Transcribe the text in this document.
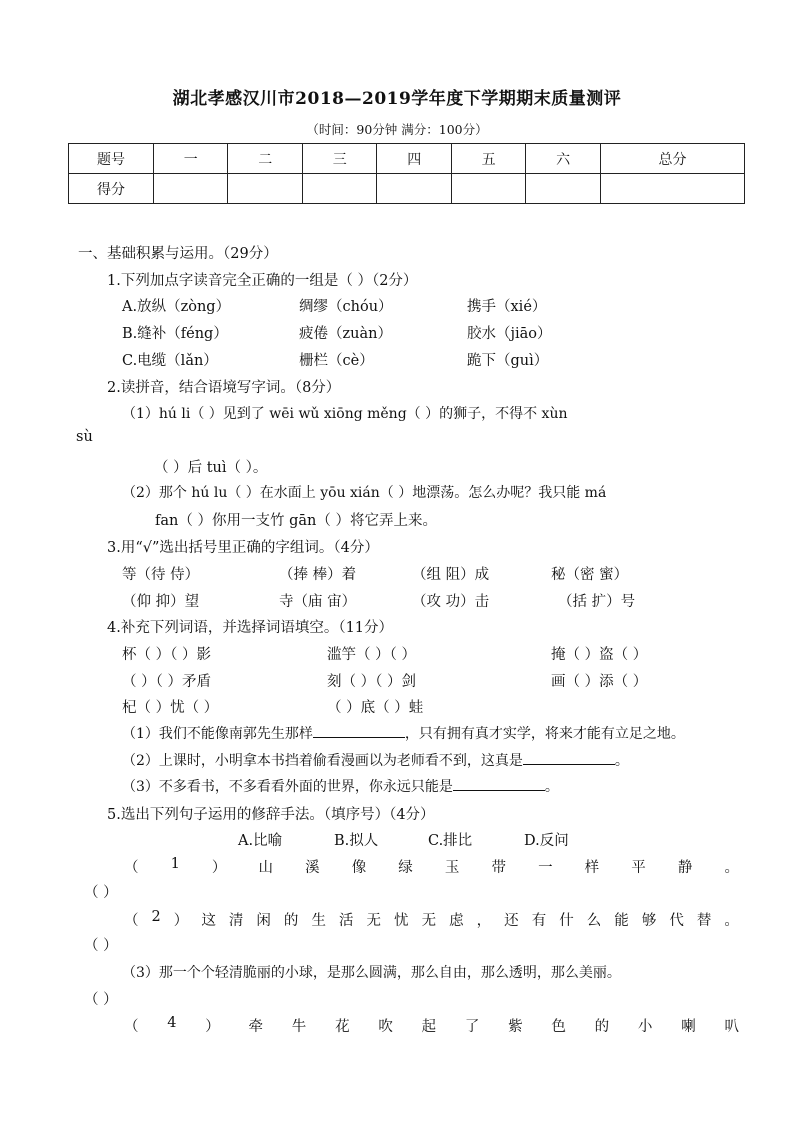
湖北孝感汉川市2018—2019学年度下学期期末质量测评
（时间：90分钟 满分：100分）
题号	一	二	三	四	五	六	总分
得分							
一、基础积累与运用。（29分）
1.下列加点字读音完全正确的一组是（ ）（2分）
A.放纵（zòng）	绸缪（chóu）	携手（xié）
B.缝补（féng）	疲倦（zuàn）	胶水（jiāo）
C.电缆（lǎn）	栅栏（cè）	跪下（guì）
2.读拼音，结合语境写字词。（8分）
（1）hú li（ ）见到了 wēi wǔ xiōng měng（ ）的狮子，不得不 xùn
sù
（ ）后 tuì（ ）。
（2）那个 hú lu（ ）在水面上 yōu xián（ ）地漂荡。怎么办呢？我只能 má
fan（ ）你用一支竹 gān（ ）将它弄上来。
3.用“√”选出括号里正确的字组词。（4分）
等（待 侍）	（捧 棒）着	（组 阻）成	秘（密 蜜）
（仰 抑）望	寺（庙 宙）	（攻 功）击	（括 扩）号
4.补充下列词语，并选择词语填空。（11分）
杯（ ）（ ）影	滥竽（ ）（ ）	掩（ ）盗（ ）
（ ）（ ）矛盾	刻（ ）（ ）剑	画（ ）添（ ）
杞（ ）忧（ ）	（ ）底（ ）蛙
（1）我们不能像南郭先生那样	，只有拥有真才实学，将来才能有立足之地。
（2）上课时，小明拿本书挡着偷看漫画以为老师看不到，这真是	。
（3）不多看书，不多看看外面的世界，你永远只能是	。
5.选出下列句子运用的修辞手法。（填序号）（4分）
A.比喻	B.拟人	C.排比	D.反问
（ 1 ） 山 溪 像 绿 玉 带 一 样 平 静 。
（ ）
（ 2 ） 这 清 闲 的 生 活 无 忧 无 虑 ， 还 有 什 么 能 够 代 替 。
（ ）
（3）那一个个轻清脆丽的小球，是那么圆满，那么自由，那么透明，那么美丽。
（ ）
（ 4 ） 牵 牛 花 吹 起 了 紫 色 的 小 喇 叭
